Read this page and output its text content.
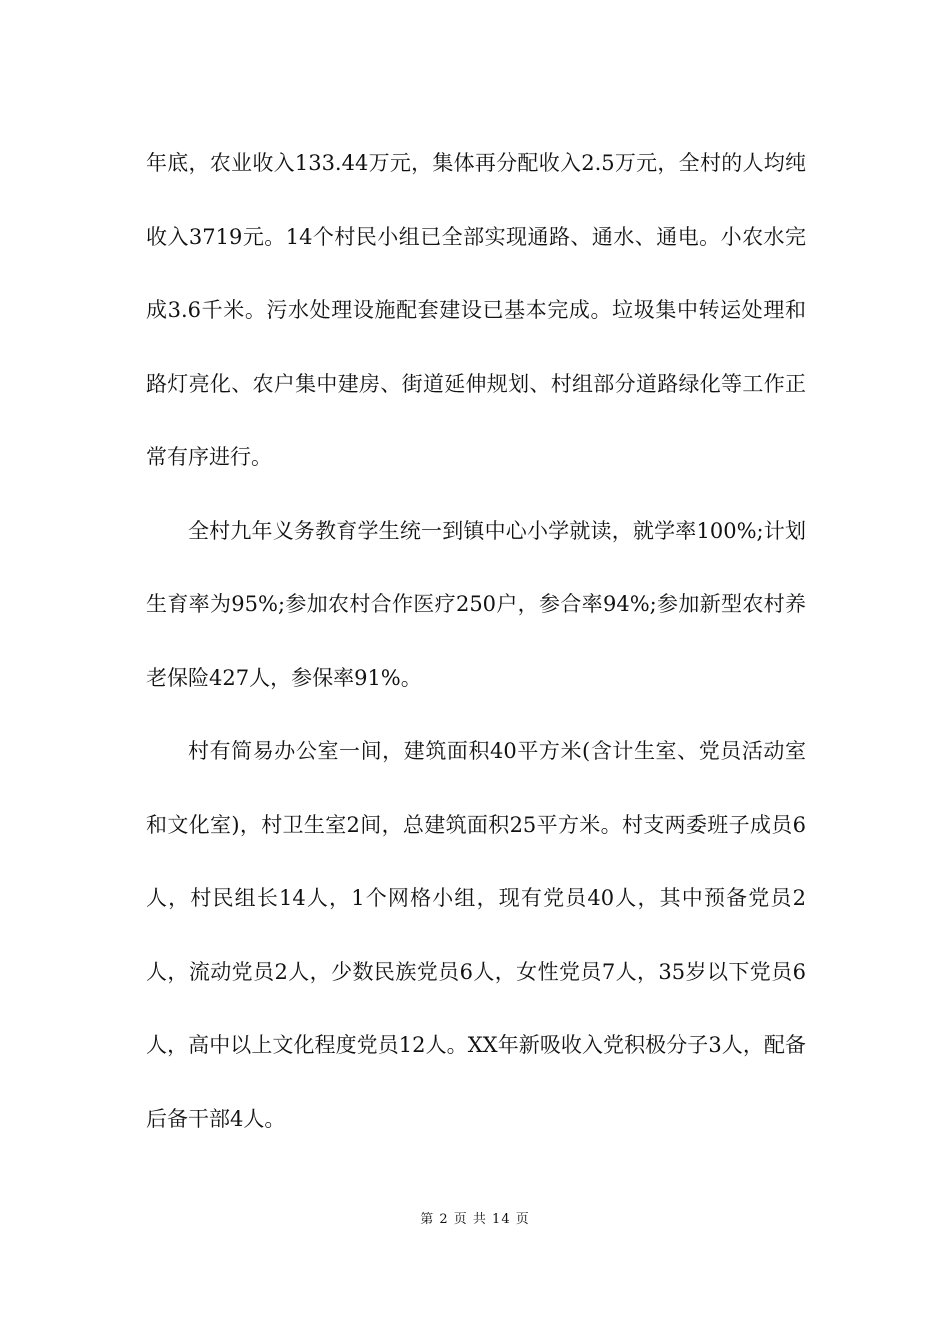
年底，农业收入133.44万元，集体再分配收入2.5万元，全村的人均纯收入3719元。14个村民小组已全部实现通路、通水、通电。小农水完成3.6千米。污水处理设施配套建设已基本完成。垃圾集中转运处理和路灯亮化、农户集中建房、街道延伸规划、村组部分道路绿化等工作正常有序进行。

全村九年义务教育学生统一到镇中心小学就读，就学率100%;计划生育率为95%;参加农村合作医疗250户，参合率94%;参加新型农村养老保险427人，参保率91%。

村有简易办公室一间，建筑面积40平方米(含计生室、党员活动室和文化室)，村卫生室2间，总建筑面积25平方米。村支两委班子成员6人，村民组长14人，1个网格小组，现有党员40人，其中预备党员2人，流动党员2人，少数民族党员6人，女性党员7人，35岁以下党员6人，高中以上文化程度党员12人。XX年新吸收入党积极分子3人，配备后备干部4人。

第 2 页 共 14 页
